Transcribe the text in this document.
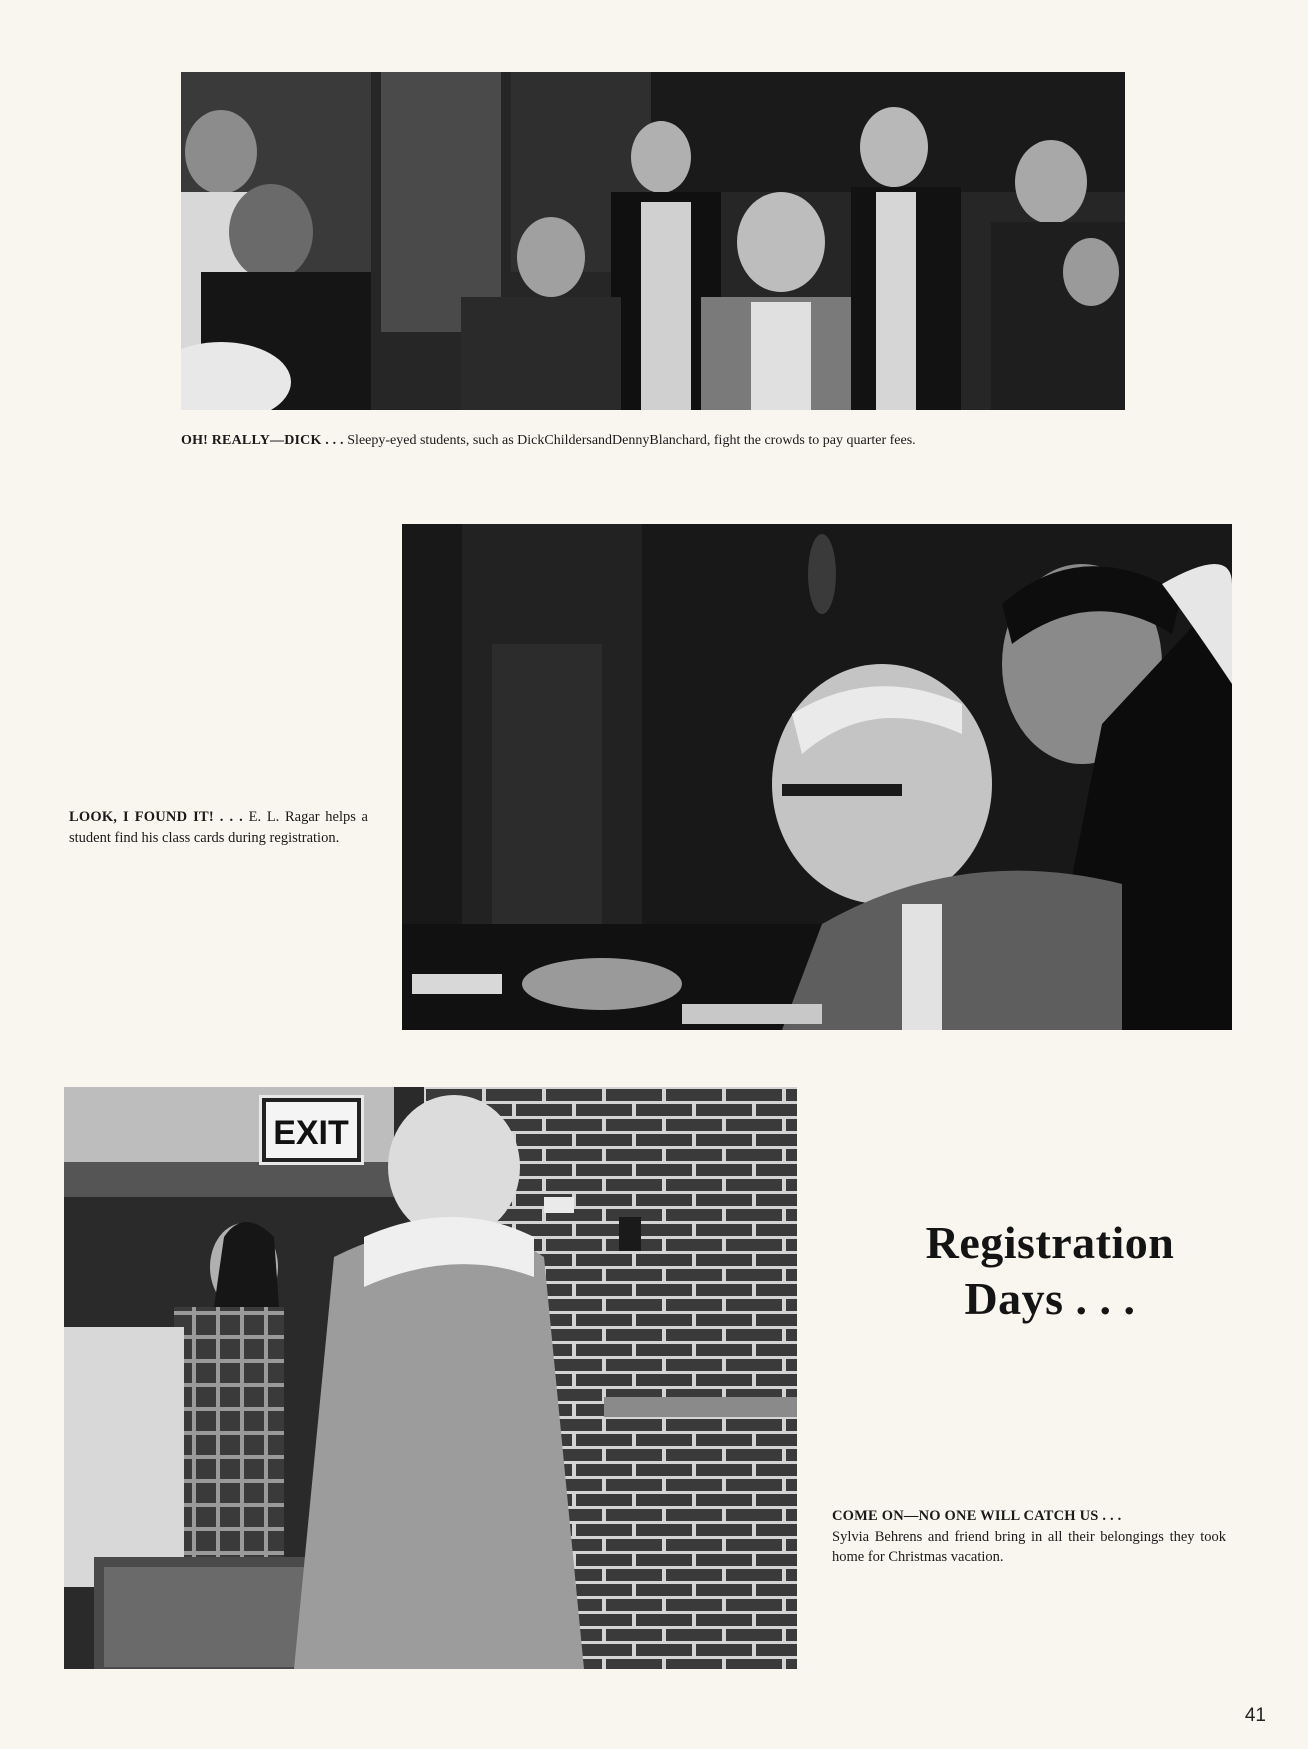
OH! REALLY—DICK . . . Sleepy-eyed students, such as DickChildersandDennyBlanchard, fight the crowds to pay quarter fees.
LOOK, I FOUND IT! . . . E. L. Ragar helps a student find his class cards during registration.
EXIT
Registration
Days . . .
COME ON—NO ONE WILL CATCH US . . .
Sylvia Behrens and friend bring in all their belongings they took home for Christmas vacation.
41
